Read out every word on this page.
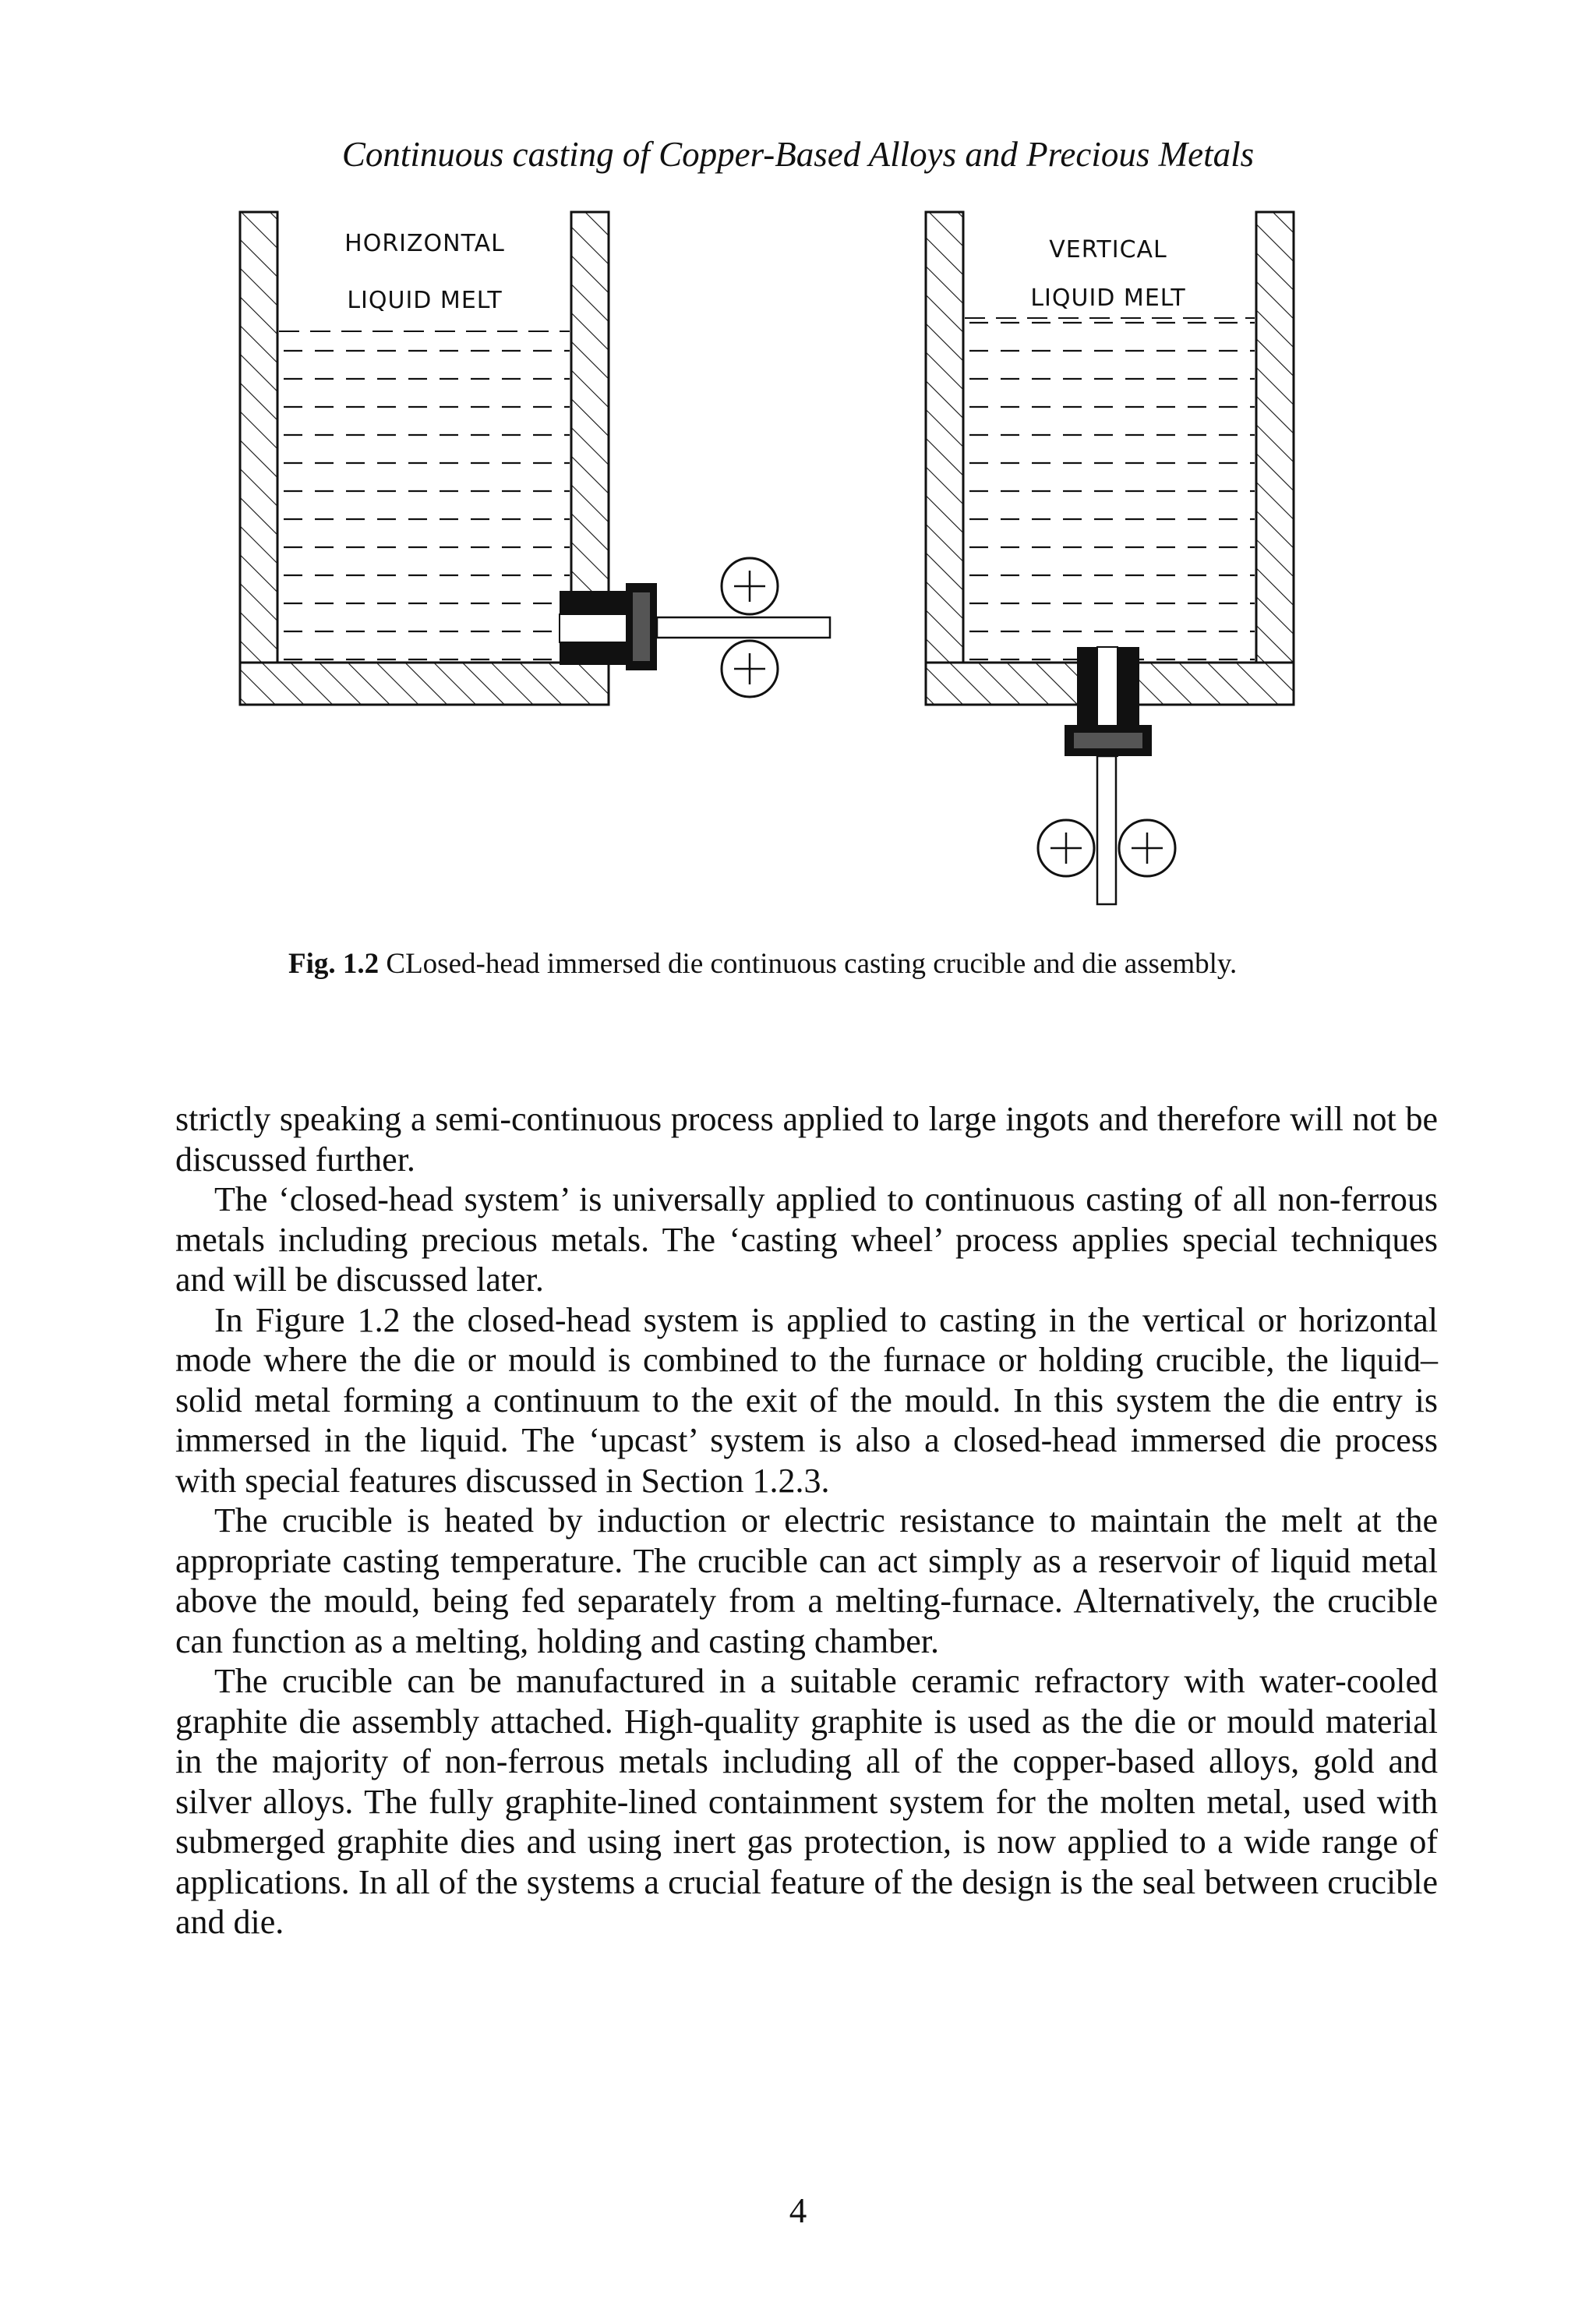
Continuous casting of Copper-Based Alloys and Precious Metals
HORIZONTAL
LIQUID MELT
VERTICAL
LIQUID MELT
Fig. 1.2 CLosed-head immersed die continuous casting crucible and die assembly.

strictly speaking a semi-continuous process applied to large ingots and therefore will not be discussed further.

The ‘closed-head system’ is universally applied to continuous casting of all non-ferrous metals including precious metals. The ‘casting wheel’ process applies special techniques and will be discussed later.

In Figure 1.2 the closed-head system is applied to casting in the vertical or horizontal mode where the die or mould is combined to the furnace or holding crucible, the liquid–solid metal forming a continuum to the exit of the mould. In this system the die entry is immersed in the liquid. The ‘upcast’ system is also a closed-head immersed die process with special features discussed in Section 1.2.3.

The crucible is heated by induction or electric resistance to maintain the melt at the appropriate casting temperature. The crucible can act simply as a reservoir of liquid metal above the mould, being fed separately from a melting-furnace. Alternatively, the crucible can function as a melting, holding and casting chamber.

The crucible can be manufactured in a suitable ceramic refractory with water-cooled graphite die assembly attached. High-quality graphite is used as the die or mould material in the majority of non-ferrous metals including all of the copper-based alloys, gold and silver alloys. The fully graphite-lined containment system for the molten metal, used with submerged graphite dies and using inert gas protection, is now applied to a wide range of applications. In all of the systems a crucial feature of the design is the seal between crucible and die.

4
